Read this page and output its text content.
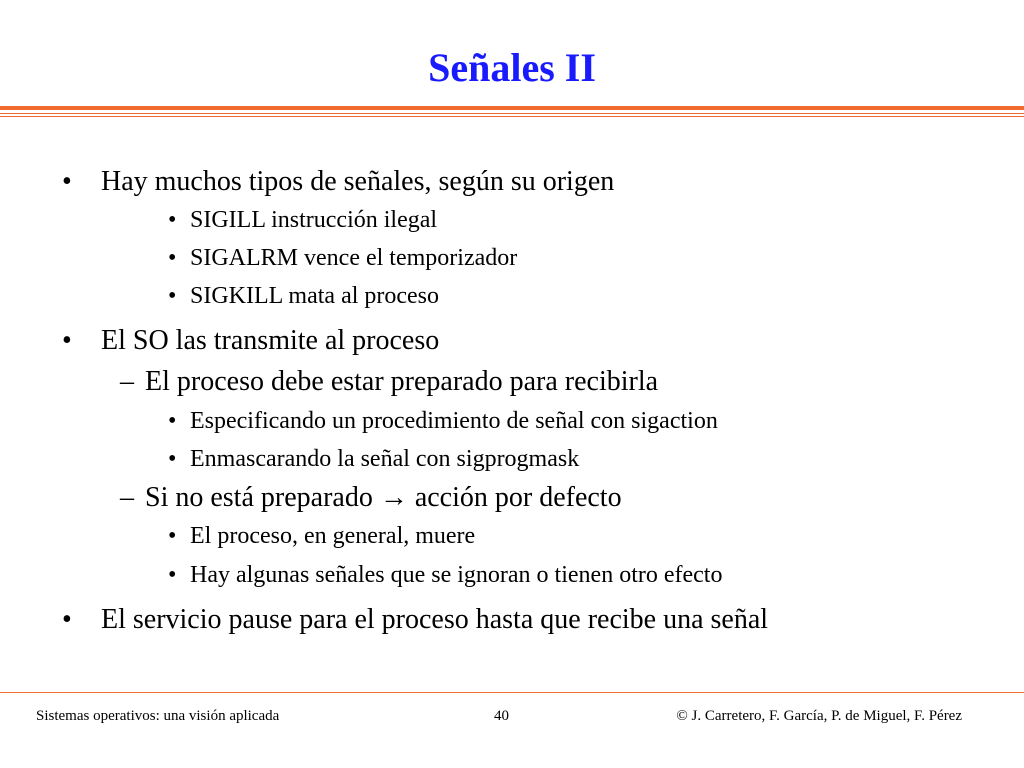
Señales II
• Hay muchos tipos de señales, según su origen
• SIGILL instrucción ilegal
• SIGALRM vence el temporizador
• SIGKILL mata al proceso
• El SO las transmite al proceso
– El proceso debe estar preparado para recibirla
• Especificando un procedimiento de señal con sigaction
• Enmascarando la señal con sigprogmask
– Si no está preparado → acción por defecto
• El proceso, en general, muere
• Hay algunas señales que se ignoran o tienen otro efecto
• El servicio pause para el proceso hasta que recibe una señal
Sistemas operativos: una visión aplicada	40	© J. Carretero, F. García, P. de Miguel, F. Pérez
